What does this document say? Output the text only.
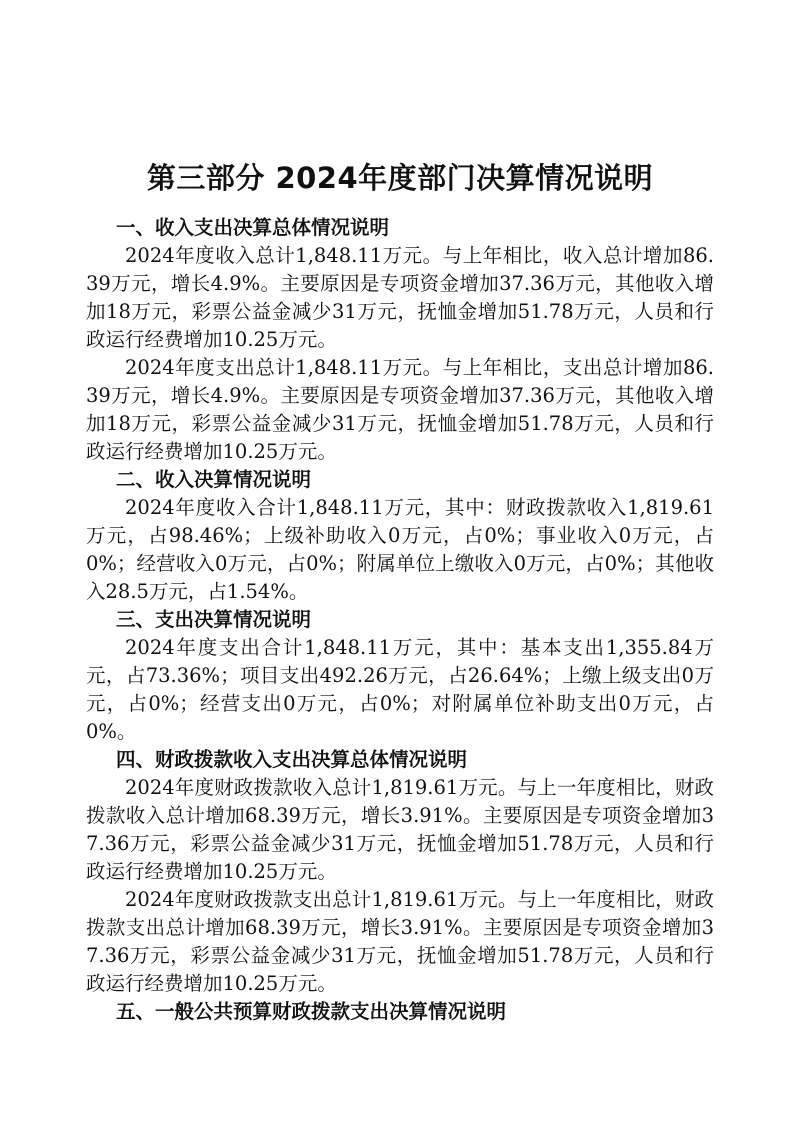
第三部分 2024年度部门决算情况说明
一、收入支出决算总体情况说明

2024年度收入总计1,848.11万元。与上年相比，收入总计增加86.39万元，增长4.9%。主要原因是专项资金增加37.36万元，其他收入增加18万元，彩票公益金减少31万元，抚恤金增加51.78万元，人员和行政运行经费增加10.25万元。

2024年度支出总计1,848.11万元。与上年相比，支出总计增加86.39万元，增长4.9%。主要原因是专项资金增加37.36万元，其他收入增加18万元，彩票公益金减少31万元，抚恤金增加51.78万元，人员和行政运行经费增加10.25万元。

二、收入决算情况说明

2024年度收入合计1,848.11万元，其中：财政拨款收入1,819.61万元，占98.46%；上级补助收入0万元，占0%；事业收入0万元，占0%；经营收入0万元，占0%；附属单位上缴收入0万元，占0%；其他收入28.5万元，占1.54%。

三、支出决算情况说明

2024年度支出合计1,848.11万元，其中：基本支出1,355.84万元，占73.36%；项目支出492.26万元，占26.64%；上缴上级支出0万元，占0%；经营支出0万元，占0%；对附属单位补助支出0万元，占0%。

四、财政拨款收入支出决算总体情况说明

2024年度财政拨款收入总计1,819.61万元。与上一年度相比，财政拨款收入总计增加68.39万元，增长3.91%。主要原因是专项资金增加37.36万元，彩票公益金减少31万元，抚恤金增加51.78万元，人员和行政运行经费增加10.25万元。

2024年度财政拨款支出总计1,819.61万元。与上一年度相比，财政拨款支出总计增加68.39万元，增长3.91%。主要原因是专项资金增加37.36万元，彩票公益金减少31万元，抚恤金增加51.78万元，人员和行政运行经费增加10.25万元。

五、一般公共预算财政拨款支出决算情况说明
